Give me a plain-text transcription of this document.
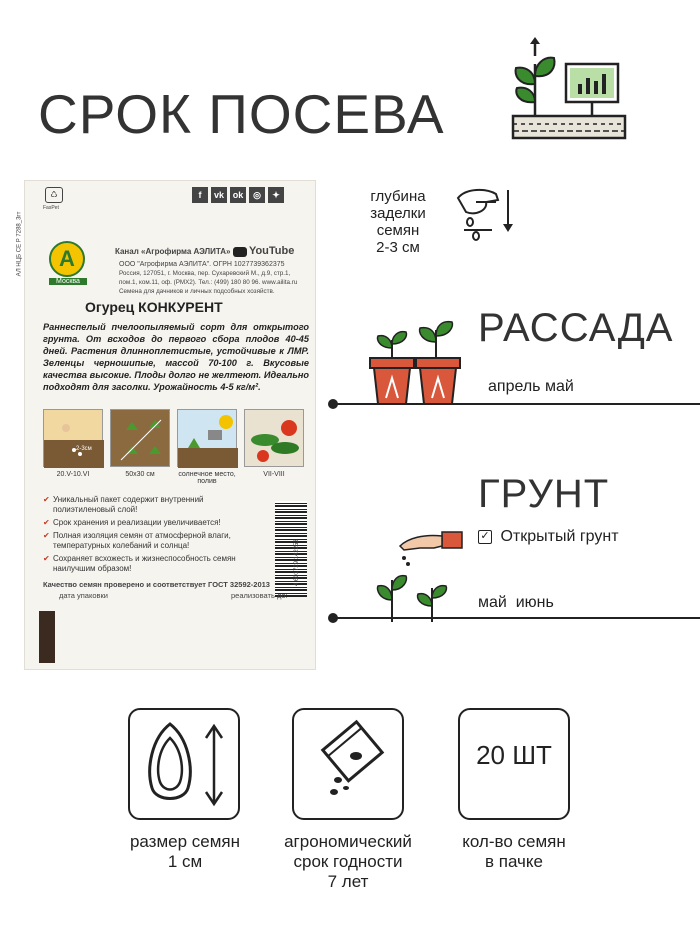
СРОК ПОСЕВА
АЛ НЦБ СЕ Р 7288_3гт
♺
FasPet
f vk ok ◎ ✦
А
Москва
Канал «Агрофирма АЭЛИТА» YouTube
ООО "Агрофирма АЭЛИТА". ОГРН 1027739362375
Россия, 127051, г. Москва, пер. Сухаревский М., д.9, стр.1,
пом.1, ком.11, оф. (РМХ2). Тел.: (499) 180 80 96. www.ailita.ru
Семена для дачников и личных подсобных хозяйств.
Огурец КОНКУРЕНТ
Раннеспелый пчелоопыляемый сорт для открытого грунта. От всходов до первого сбора плодов 40-45 дней. Растения длинноплетистые, устойчивые к ЛМР. Зеленцы черношипые, массой 70-100 г. Вкусовые качества высокие. Плоды долго не желтеют. Идеально подходят для засолки. Урожайность 4-5 кг/м².
2-3см
20.V-10.VI	50x30 см	солнечное место, полив
VII-VIII
✔ Уникальный пакет содержит внутренний полиэтиленовый слой!
✔ Срок хранения и реализации увеличивается!
✔ Полная изоляция семян от атмосферной влаги, температурных колебаний и солнца!
✔ Сохраняет всхожесть и жизнеспособность семян наилучшим образом!	4 601729 142253
Качество семян проверено и соответствует ГОСТ 32592-2013
дата упаковки	реализовать до:
глубина
заделки
семян
2-3 см
РАССАДА
апрель май
ГРУНТ
✓ Открытый грунт
май  июнь
20 ШТ
размер семян
1 см
агрономический
срок годности
7 лет
кол-во семян
в пачке
